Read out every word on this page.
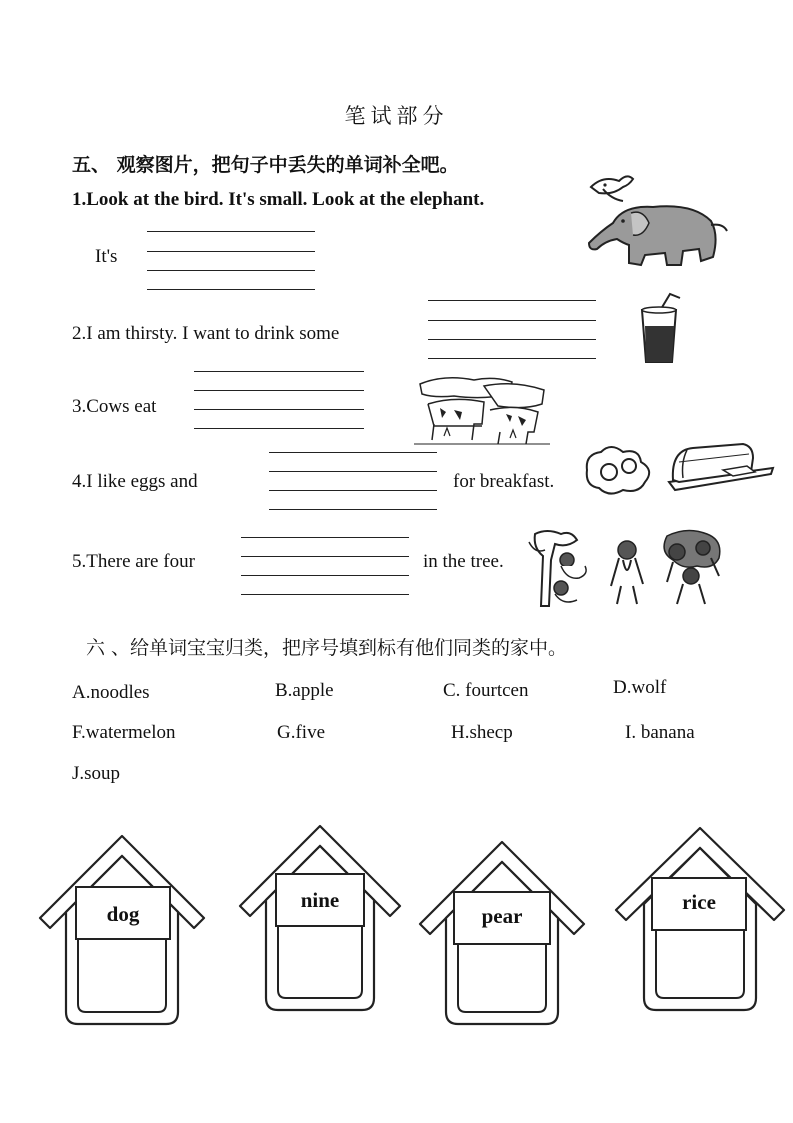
笔试部分
五、 观察图片，把句子中丢失的单词补全吧。
1.Look at the bird. It's small. Look at the elephant.
It's
2.I am thirsty. I want to drink some
3.Cows eat
4.I like eggs and	for breakfast.
5.There are four	in the tree.
六 、给单词宝宝归类，把序号填到标有他们同类的家中。
A.noodles	B.apple	C. fourtcen	D.wolf
F.watermelon	G.five	H.shecp	I. banana
J.soup
dog
nine
pear
rice
